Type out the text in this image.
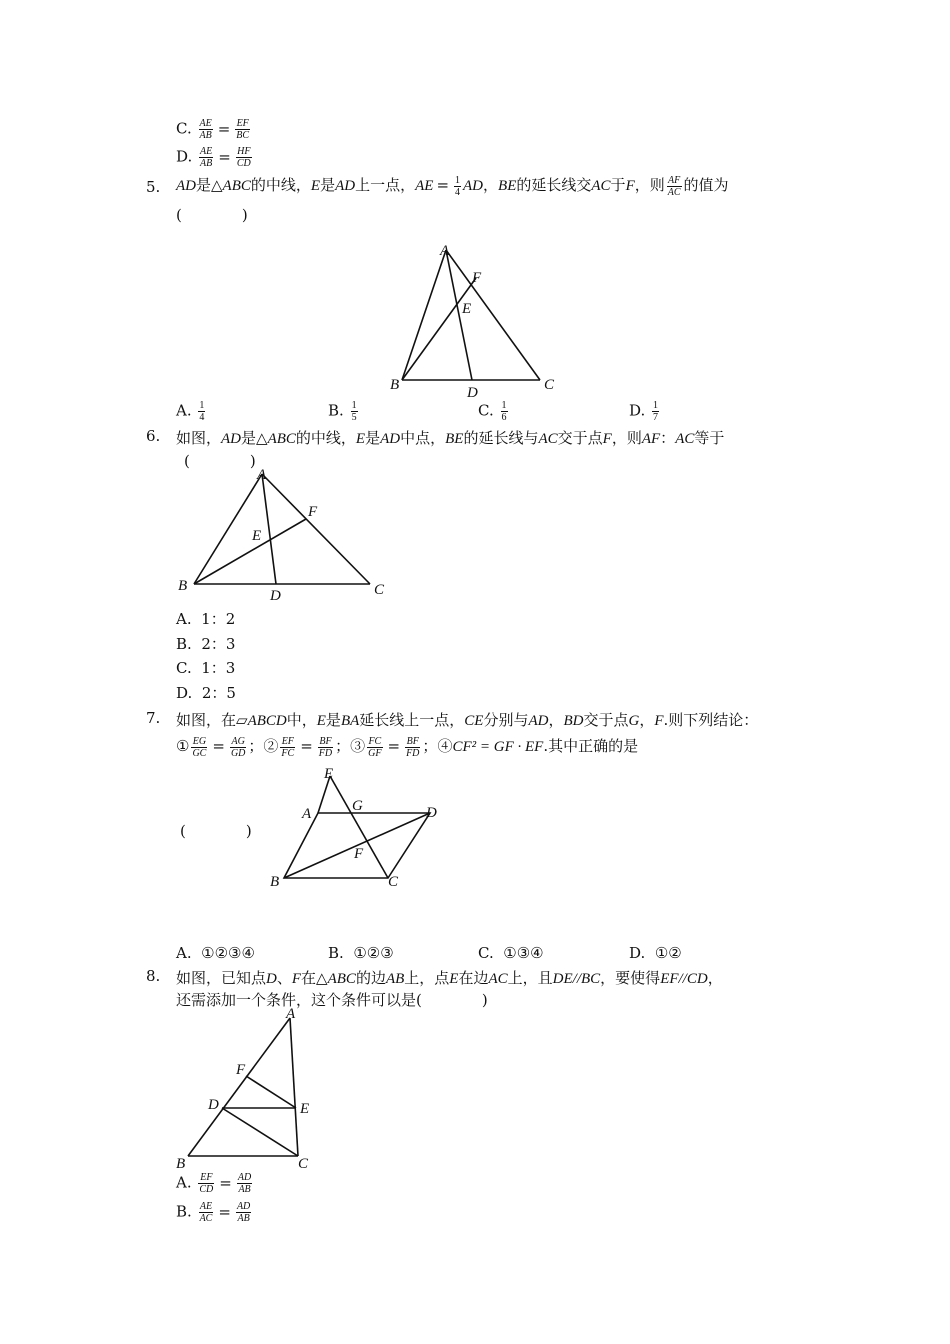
C. $\frac{AE}{AB} = \frac{EF}{BC}$
D. $\frac{AE}{AB} = \frac{HF}{CD}$
5. AD是△ABC的中线，E是AD上一点，AE = $\frac{1}{4}$ AD，BE的延长线交AC于F，则 $\frac{AF}{AC}$ 的值为
(　　　　)
A
F
E
B	D	C
A. $\frac{1}{4}$	B. $\frac{1}{5}$	C. $\frac{1}{6}$	D. $\frac{1}{7}$
6. 如图，AD是△ABC的中线，E是AD中点，BE的延长线与AC交于点F，则AF：AC等于
(　　　　)
A
F
E
B
D	C
A. 1：2
B. 2：3
C. 1：3
D. 2：5
7. 如图，在▱ABCD中，E是BA延长线上一点，CE分别与AD，BD交于点G，F.则下列结论：
① $\frac{EG}{GC} = \frac{AG}{GD}$ ；② $\frac{EF}{FC} = \frac{BF}{FD}$ ；③ $\frac{FC}{GF} = \frac{BF}{FD}$ ；④CF² = GF · EF.其中正确的是
(　　　　)
E
A	G	D
F
B	C
A. ①②③④	B. ①②③	C. ①③④	D. ①②
8. 如图，已知点D、F在△ABC的边AB上，点E在边AC上，且DE//BC，要使得EF//CD，
还需添加一个条件，这个条件可以是(　　　　)
A
F
D	E
B	C
A. $\frac{EF}{CD} = \frac{AD}{AB}$
B. $\frac{AE}{AC} = \frac{AD}{AB}$
